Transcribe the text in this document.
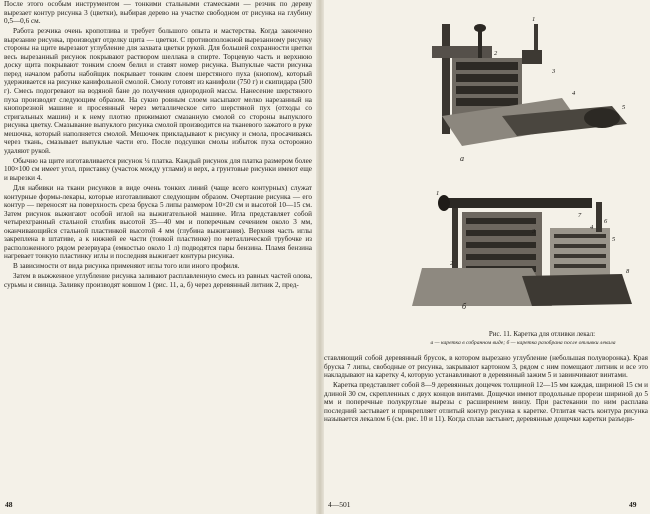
После этого особым инструментом — тонкими стальными стамесками — резчик по дереву вырезает контур рисунка 3 (цветки), выбирая дерево на участке свободном от рисунка на глубину 0,5—0,6 см.

Работа резчика очень кропотлива и требует большого опыта и мастерства. Когда закончено вырезание рисунка, производят отделку щита — цветки. С противоположной вырезанному рисунку стороны на щите вырезают углубление для захвата цветки рукой. Для большей сохранности цветки весь вырезанный рисунок покрывают раствором шеллака в спирте. Торцевую часть и верхнюю доску щита покрывают тонким слоем белил и ставят номер рисунка. Выпуклые части рисунка перед началом работы набойщик покрывает тонким слоем шерстяного пуха (кнопом), который удерживается на рисунке канифольной смолой. Смолу готовят из канифоли (750 г) и скипидара (500 г). Смесь подогревают на водяной бане до получения однородной массы. Нанесение шерстяного пуха производят следующим образом. На сукно ровным слоем насыпают мелко нарезанный на кнопорезной машине и просеянный через металлическое сито шерстяной пух (отходы со стригальных машин) и к нему плотно прижимают смазанную смолой со стороны выпуклого рисунка цветку. Смазывание выпуклого рисунка смолой производится на тканевого зажатого в руке мешочка, который наполняется смолой. Мешочек прикладывают к рисунку и смола, просачиваясь через ткань, смазывает выпуклые части его. После подсушки смолы избыток пуха осторожно удаляют рукой.

Обычно на щите изготавливается рисунок ¼ платка. Каждый рисунок для платка размером более 100×100 см имеет угол, приставку (участок между углами) и верх, а грунтовые рисунки имеют еще и вырезки 4.

Для набивки на ткани рисунков в виде очень тонких линий (чаще всего контурных) служат контурные формы-лекары, которые изготавливают следующим образом. Очертание рисунка — его контур — переносят на поверхность среза бруска 5 липы размером 10×20 см и высотой 10—15 см. Затем рисунок выжигают особой иглой на выжигательной машине. Игла представляет собой четырехгранный стальной столбик высотой 35—40 мм и поперечным сечением около 3 мм, оканчивающийся стальной пластинкой высотой 4 мм (глубина выжигания). Верхняя часть иглы закреплена в штативе, а к нижней ее части (тонкой пластинке) по металлической трубочке из расположенного рядом резервуара (емкостью около 1 л) подводятся пары бензина. Пламя бензина нагревает тонкую пластинку иглы и последняя выжигает контуры рисунка.

В зависимости от вида рисунка применяют иглы того или иного профиля.

Затем в выжженное углубление рисунка заливают расплавленную смесь из равных частей олова, сурьмы и свинца. Заливку производят ковшом 1 (рис. 11, а, б) через деревянный литник 2, пред-

48
а
б
1
2
3
4
5
1
2
3
4
5
6
7
8
Рис. 11. Каретка для отливки лекал:
а — каретка в собранном виде; б — каретка разобрана после отливки лекала

ставляющий собой деревянный брусок, в котором вырезано углубление (небольшая полуворонка). Края бруска 7 липы, свободные от рисунка, закрывают картоном 3, рядом с ним помещают литник и все это накладывают на каретку 4, которую устанавливают в деревянный зажим 5 и завинчивают винтами.

Каретка представляет собой 8—9 деревянных дощечек толщиной 12—15 мм каждая, шириной 15 см и длиной 30 см, скрепленных с двух концов винтами. Дощечки имеют продольные прорези шириной до 5 мм и поперечные полукруглые вырезы с расширением внизу. При растекании по ним расплава последний застывает и прикрепляет отлитый контур рисунка к каретке. Отлитая часть контура рисунка называется лекалом 6 (см. рис. 10 и 11). Когда сплав застынет, деревянные дощечки каретки разъеди-

4—501	49
